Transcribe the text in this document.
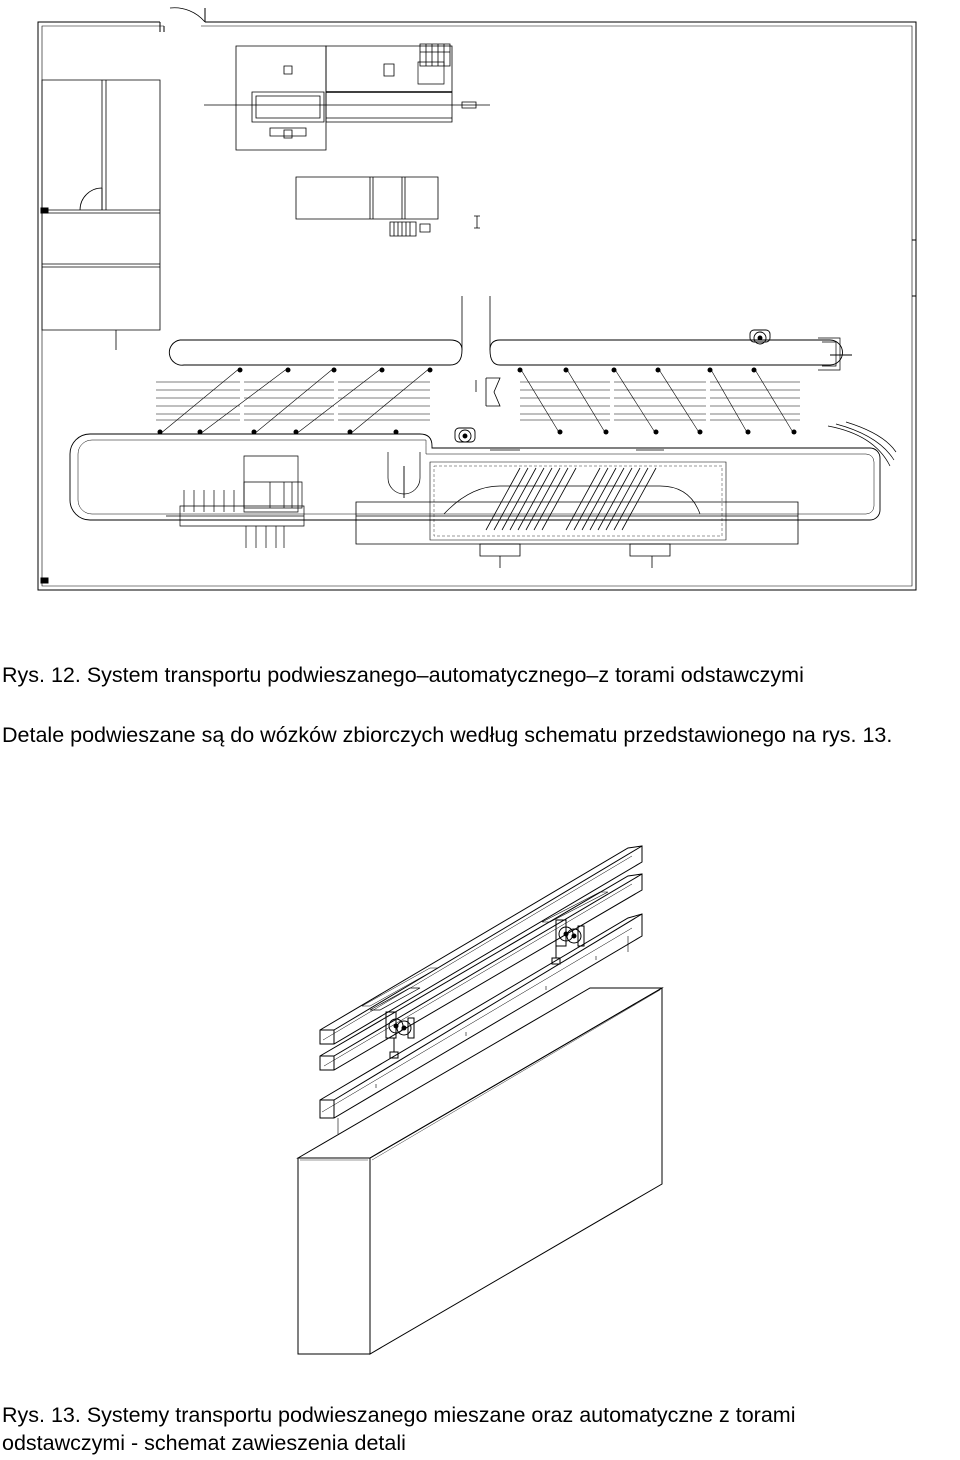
Rys. 12. System transportu podwieszanego–automatycznego–z torami odstawczymi
Detale podwieszane są do wózków zbiorczych według schematu przedstawionego na rys. 13.
Rys. 13. Systemy transportu podwieszanego mieszane oraz automatyczne z torami
odstawczymi - schemat zawieszenia detali
